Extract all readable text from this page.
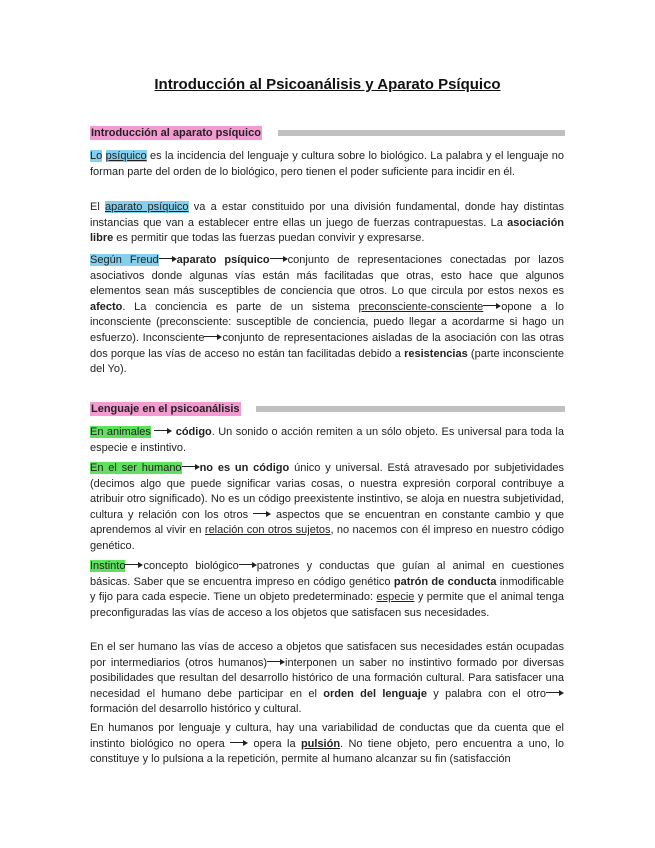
Introducción al Psicoanálisis y Aparato Psíquico
Introducción al aparato psíquico

Lo psíquico es la incidencia del lenguaje y cultura sobre lo biológico. La palabra y el lenguaje no forman parte del orden de lo biológico, pero tienen el poder suficiente para incidir en él.

El aparato psíquico va a estar constituido por una división fundamental, donde hay distintas instancias que van a establecer entre ellas un juego de fuerzas contrapuestas. La asociación libre es permitir que todas las fuerzas puedan convivir y expresarse.

Según Freud aparato psíquico conjunto de representaciones conectadas por lazos asociativos donde algunas vías están más facilitadas que otras, esto hace que algunos elementos sean más susceptibles de conciencia que otros. Lo que circula por estos nexos es afecto. La conciencia es parte de un sistema preconsciente-consciente opone a lo inconsciente (preconsciente: susceptible de conciencia, puedo llegar a acordarme si hago un esfuerzo). Inconsciente conjunto de representaciones aisladas de la asociación con las otras dos porque las vías de acceso no están tan facilitadas debido a resistencias (parte inconsciente del Yo).

Lenguaje en el psicoanálisis

En animales código. Un sonido o acción remiten a un sólo objeto. Es universal para toda la especie e instintivo.

En el ser humano no es un código único y universal. Está atravesado por subjetividades (decimos algo que puede significar varias cosas, o nuestra expresión corporal contribuye a atribuir otro significado). No es un código preexistente instintivo, se aloja en nuestra subjetividad, cultura y relación con los otros	aspectos que se encuentran en constante cambio y que aprendemos al vivir en relación con otros sujetos, no nacemos con él impreso en nuestro código genético.

Instinto concepto biológico patrones y conductas que guían al animal en cuestiones básicas. Saber que se encuentra impreso en código genético patrón de conducta inmodificable y fijo para cada especie. Tiene un objeto predeterminado: especie y permite que el animal tenga preconfiguradas las vías de acceso a los objetos que satisfacen sus necesidades.

En el ser humano las vías de acceso a objetos que satisfacen sus necesidades están ocupadas por intermediarios (otros humanos) interponen un saber no instintivo formado por diversas posibilidades que resultan del desarrollo histórico de una formación cultural. Para satisfacer una necesidad el humano debe participar en el orden del lenguaje y palabra con el otroformación del desarrollo histórico y cultural.

En humanos por lenguaje y cultura, hay una variabilidad de conductas que da cuenta que el instinto biológico no opera	opera la pulsión. No tiene objeto, pero encuentra a uno, lo constituye y lo pulsiona a la repetición, permite al humano alcanzar su fin (satisfacción
